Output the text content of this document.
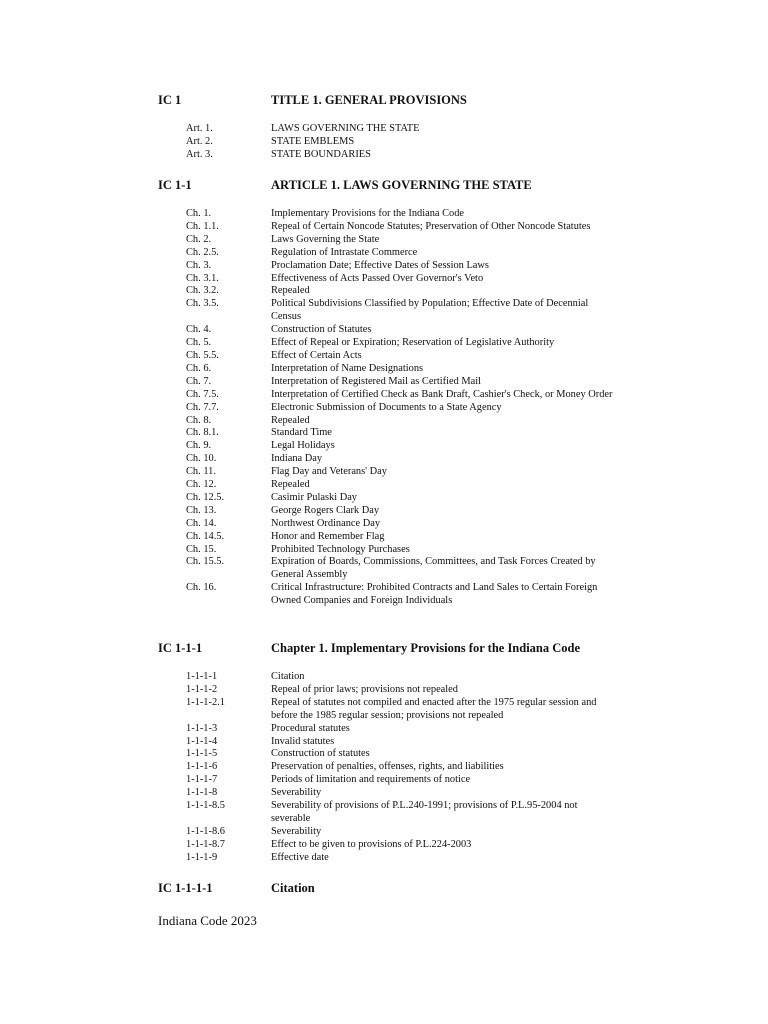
IC 1	TITLE 1. GENERAL PROVISIONS
Art. 1.	LAWS GOVERNING THE STATE
Art. 2.	STATE EMBLEMS
Art. 3.	STATE BOUNDARIES
IC 1-1	ARTICLE 1. LAWS GOVERNING THE STATE
Ch. 1.	Implementary Provisions for the Indiana Code
Ch. 1.1.	Repeal of Certain Noncode Statutes; Preservation of Other Noncode Statutes
Ch. 2.	Laws Governing the State
Ch. 2.5.	Regulation of Intrastate Commerce
Ch. 3.	Proclamation Date; Effective Dates of Session Laws
Ch. 3.1.	Effectiveness of Acts Passed Over Governor's Veto
Ch. 3.2.	Repealed
Ch. 3.5.	Political Subdivisions Classified by Population; Effective Date of Decennial Census
Ch. 4.	Construction of Statutes
Ch. 5.	Effect of Repeal or Expiration; Reservation of Legislative Authority
Ch. 5.5.	Effect of Certain Acts
Ch. 6.	Interpretation of Name Designations
Ch. 7.	Interpretation of Registered Mail as Certified Mail
Ch. 7.5.	Interpretation of Certified Check as Bank Draft, Cashier's Check, or Money Order
Ch. 7.7.	Electronic Submission of Documents to a State Agency
Ch. 8.	Repealed
Ch. 8.1.	Standard Time
Ch. 9.	Legal Holidays
Ch. 10.	Indiana Day
Ch. 11.	Flag Day and Veterans' Day
Ch. 12.	Repealed
Ch. 12.5.	Casimir Pulaski Day
Ch. 13.	George Rogers Clark Day
Ch. 14.	Northwest Ordinance Day
Ch. 14.5.	Honor and Remember Flag
Ch. 15.	Prohibited Technology Purchases
Ch. 15.5.	Expiration of Boards, Commissions, Committees, and Task Forces Created by General Assembly
Ch. 16.	Critical Infrastructure: Prohibited Contracts and Land Sales to Certain Foreign Owned Companies and Foreign Individuals
IC 1-1-1	Chapter 1. Implementary Provisions for the Indiana Code
1-1-1-1	Citation
1-1-1-2	Repeal of prior laws; provisions not repealed
1-1-1-2.1	Repeal of statutes not compiled and enacted after the 1975 regular session and before the 1985 regular session; provisions not repealed
1-1-1-3	Procedural statutes
1-1-1-4	Invalid statutes
1-1-1-5	Construction of statutes
1-1-1-6	Preservation of penalties, offenses, rights, and liabilities
1-1-1-7	Periods of limitation and requirements of notice
1-1-1-8	Severability
1-1-1-8.5	Severability of provisions of P.L.240-1991; provisions of P.L.95-2004 not severable
1-1-1-8.6	Severability
1-1-1-8.7	Effect to be given to provisions of P.L.224-2003
1-1-1-9	Effective date
IC 1-1-1-1	Citation
Indiana Code 2023
